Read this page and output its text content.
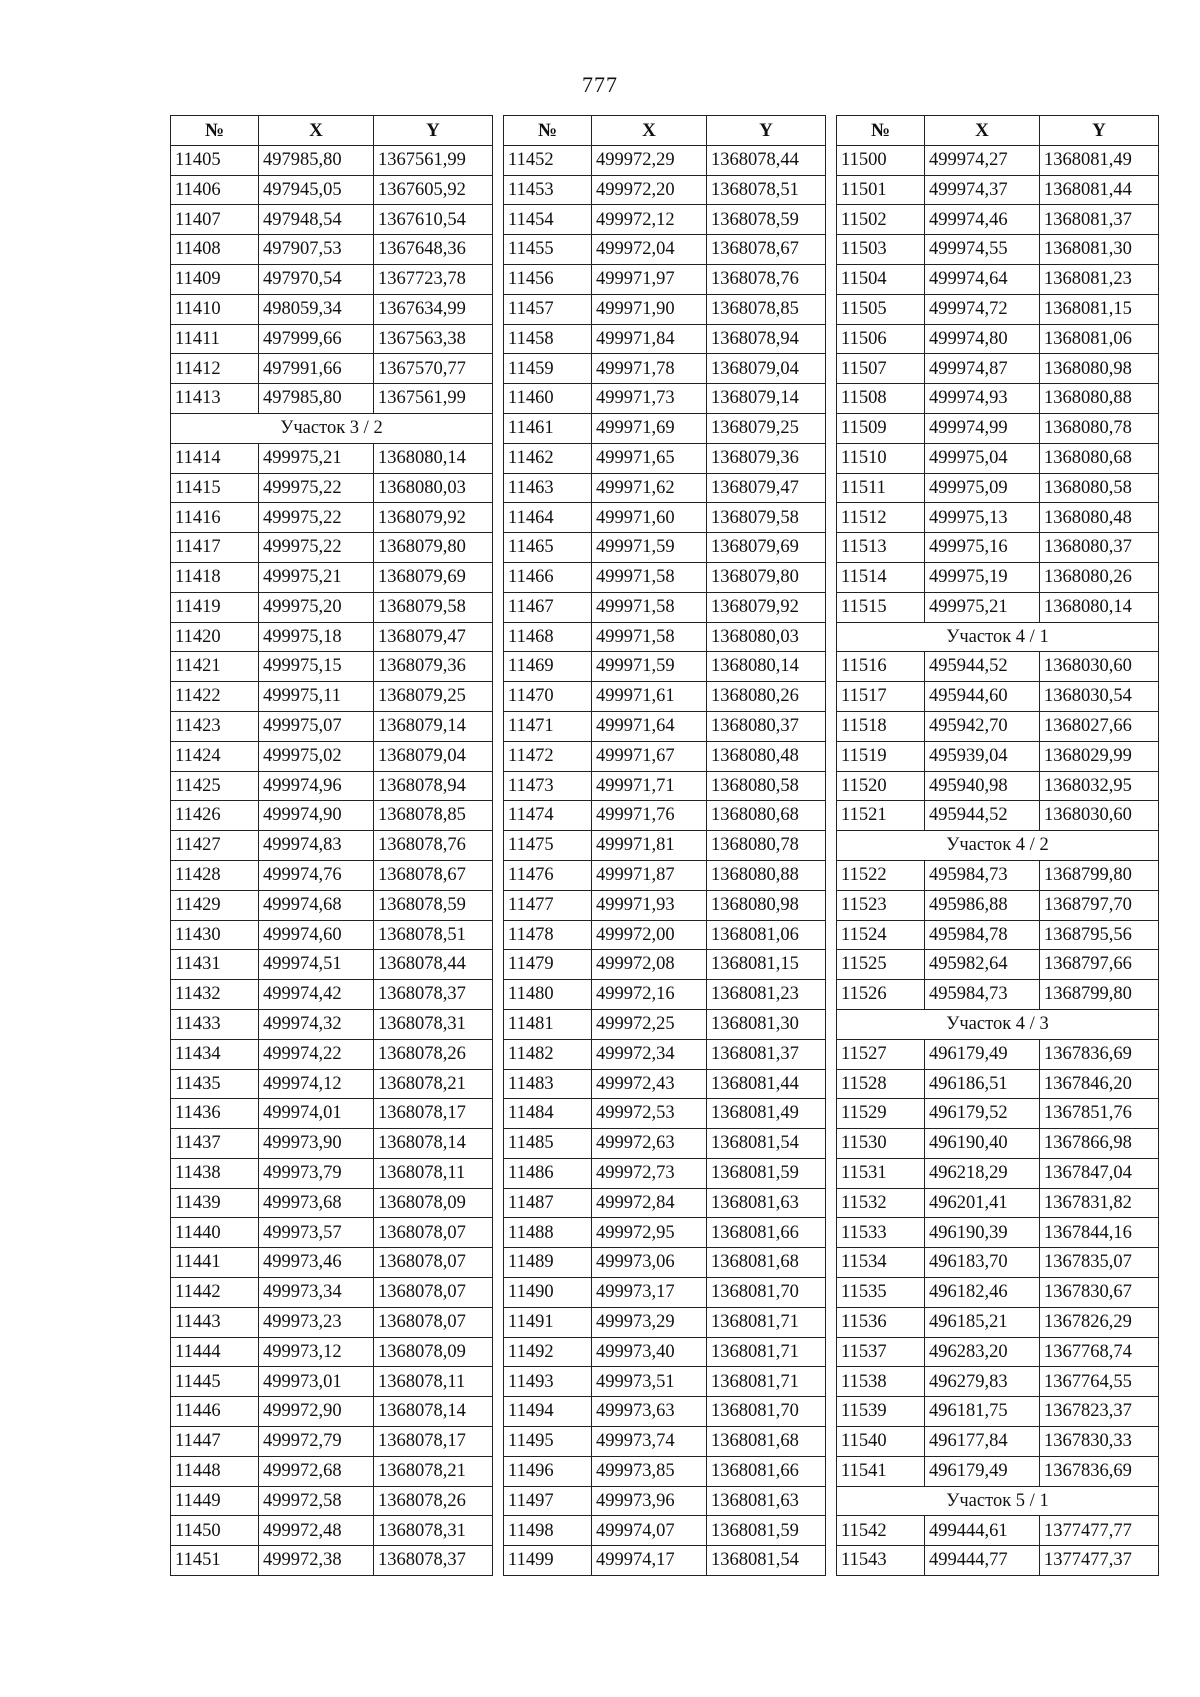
777
№	X	Y
11405	497985,80	1367561,99
11406	497945,05	1367605,92
11407	497948,54	1367610,54
11408	497907,53	1367648,36
11409	497970,54	1367723,78
11410	498059,34	1367634,99
11411	497999,66	1367563,38
11412	497991,66	1367570,77
11413	497985,80	1367561,99
Участок 3 / 2		
11414	499975,21	1368080,14
11415	499975,22	1368080,03
11416	499975,22	1368079,92
11417	499975,22	1368079,80
11418	499975,21	1368079,69
11419	499975,20	1368079,58
11420	499975,18	1368079,47
11421	499975,15	1368079,36
11422	499975,11	1368079,25
11423	499975,07	1368079,14
11424	499975,02	1368079,04
11425	499974,96	1368078,94
11426	499974,90	1368078,85
11427	499974,83	1368078,76
11428	499974,76	1368078,67
11429	499974,68	1368078,59
11430	499974,60	1368078,51
11431	499974,51	1368078,44
11432	499974,42	1368078,37
11433	499974,32	1368078,31
11434	499974,22	1368078,26
11435	499974,12	1368078,21
11436	499974,01	1368078,17
11437	499973,90	1368078,14
11438	499973,79	1368078,11
11439	499973,68	1368078,09
11440	499973,57	1368078,07
11441	499973,46	1368078,07
11442	499973,34	1368078,07
11443	499973,23	1368078,07
11444	499973,12	1368078,09
11445	499973,01	1368078,11
11446	499972,90	1368078,14
11447	499972,79	1368078,17
11448	499972,68	1368078,21
11449	499972,58	1368078,26
11450	499972,48	1368078,31
11451	499972,38	1368078,37
№	X	Y
11452	499972,29	1368078,44
11453	499972,20	1368078,51
11454	499972,12	1368078,59
11455	499972,04	1368078,67
11456	499971,97	1368078,76
11457	499971,90	1368078,85
11458	499971,84	1368078,94
11459	499971,78	1368079,04
11460	499971,73	1368079,14
11461	499971,69	1368079,25
11462	499971,65	1368079,36
11463	499971,62	1368079,47
11464	499971,60	1368079,58
11465	499971,59	1368079,69
11466	499971,58	1368079,80
11467	499971,58	1368079,92
11468	499971,58	1368080,03
11469	499971,59	1368080,14
11470	499971,61	1368080,26
11471	499971,64	1368080,37
11472	499971,67	1368080,48
11473	499971,71	1368080,58
11474	499971,76	1368080,68
11475	499971,81	1368080,78
11476	499971,87	1368080,88
11477	499971,93	1368080,98
11478	499972,00	1368081,06
11479	499972,08	1368081,15
11480	499972,16	1368081,23
11481	499972,25	1368081,30
11482	499972,34	1368081,37
11483	499972,43	1368081,44
11484	499972,53	1368081,49
11485	499972,63	1368081,54
11486	499972,73	1368081,59
11487	499972,84	1368081,63
11488	499972,95	1368081,66
11489	499973,06	1368081,68
11490	499973,17	1368081,70
11491	499973,29	1368081,71
11492	499973,40	1368081,71
11493	499973,51	1368081,71
11494	499973,63	1368081,70
11495	499973,74	1368081,68
11496	499973,85	1368081,66
11497	499973,96	1368081,63
11498	499974,07	1368081,59
11499	499974,17	1368081,54
№	X	Y
11500	499974,27	1368081,49
11501	499974,37	1368081,44
11502	499974,46	1368081,37
11503	499974,55	1368081,30
11504	499974,64	1368081,23
11505	499974,72	1368081,15
11506	499974,80	1368081,06
11507	499974,87	1368080,98
11508	499974,93	1368080,88
11509	499974,99	1368080,78
11510	499975,04	1368080,68
11511	499975,09	1368080,58
11512	499975,13	1368080,48
11513	499975,16	1368080,37
11514	499975,19	1368080,26
11515	499975,21	1368080,14
Участок 4 / 1		
11516	495944,52	1368030,60
11517	495944,60	1368030,54
11518	495942,70	1368027,66
11519	495939,04	1368029,99
11520	495940,98	1368032,95
11521	495944,52	1368030,60
Участок 4 / 2		
11522	495984,73	1368799,80
11523	495986,88	1368797,70
11524	495984,78	1368795,56
11525	495982,64	1368797,66
11526	495984,73	1368799,80
Участок 4 / 3		
11527	496179,49	1367836,69
11528	496186,51	1367846,20
11529	496179,52	1367851,76
11530	496190,40	1367866,98
11531	496218,29	1367847,04
11532	496201,41	1367831,82
11533	496190,39	1367844,16
11534	496183,70	1367835,07
11535	496182,46	1367830,67
11536	496185,21	1367826,29
11537	496283,20	1367768,74
11538	496279,83	1367764,55
11539	496181,75	1367823,37
11540	496177,84	1367830,33
11541	496179,49	1367836,69
Участок 5 / 1		
11542	499444,61	1377477,77
11543	499444,77	1377477,37
